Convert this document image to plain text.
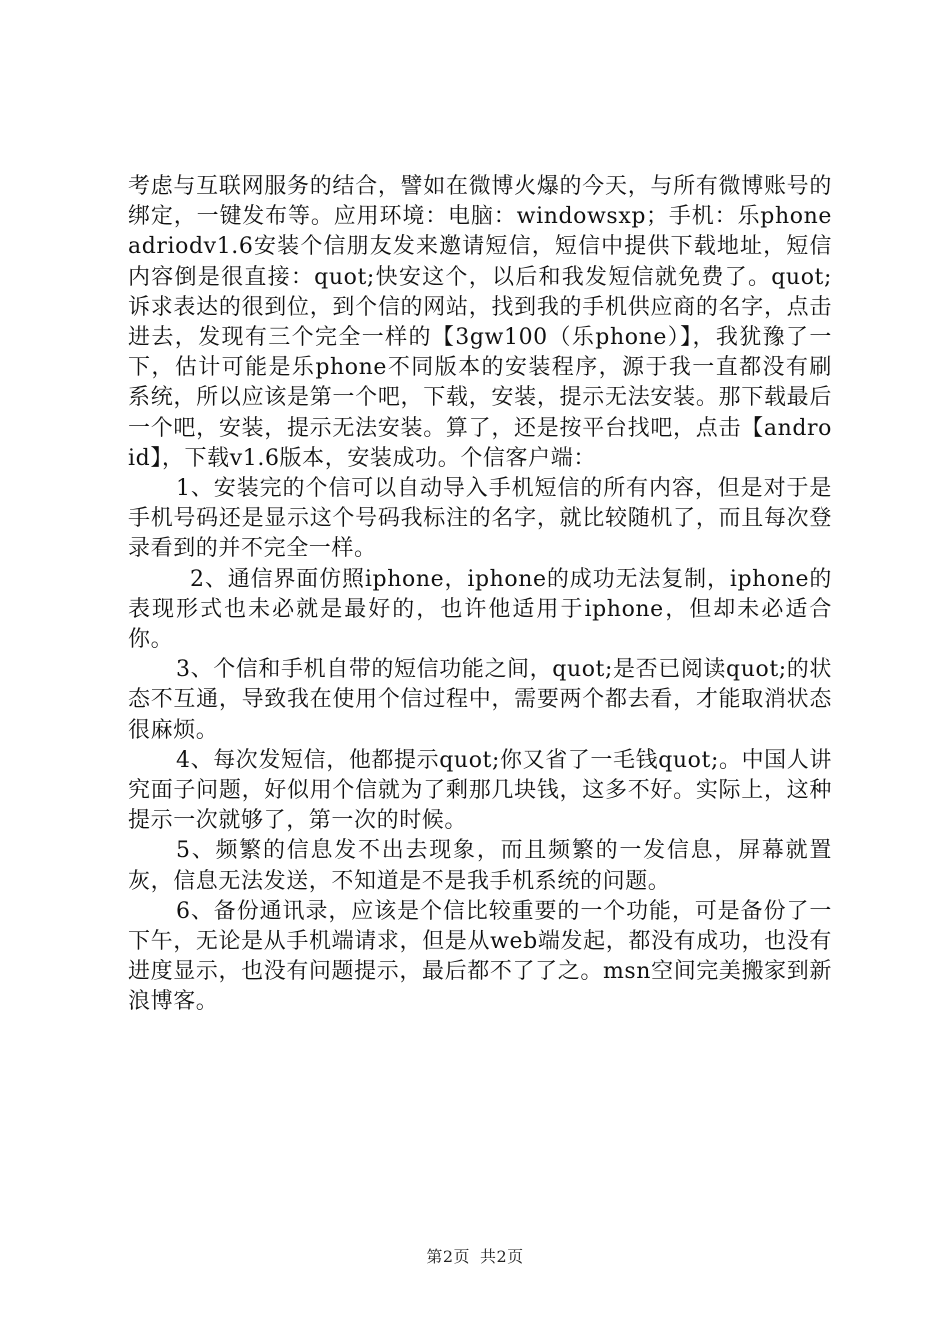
考虑与互联网服务的结合，譬如在微博火爆的今天，与所有微博账号的绑定，一键发布等。应用环境：电脑：windowsxp；手机：乐phoneadriodv1.6安装个信朋友发来邀请短信，短信中提供下载地址，短信内容倒是很直接：quot;快安这个，以后和我发短信就免费了。quot;诉求表达的很到位，到个信的网站，找到我的手机供应商的名字，点击进去，发现有三个完全一样的【3gw100（乐phone）】，我犹豫了一下，估计可能是乐phone不同版本的安装程序，源于我一直都没有刷系统，所以应该是第一个吧，下载，安装，提示无法安装。那下载最后一个吧，安装，提示无法安装。算了，还是按平台找吧，点击【android】，下载v1.6版本，安装成功。个信客户端：

1、安装完的个信可以自动导入手机短信的所有内容，但是对于是手机号码还是显示这个号码我标注的名字，就比较随机了，而且每次登录看到的并不完全一样。

2、通信界面仿照iphone，iphone的成功无法复制，iphone的表现形式也未必就是最好的，也许他适用于iphone，但却未必适合你。

3、个信和手机自带的短信功能之间，quot;是否已阅读quot;的状态不互通，导致我在使用个信过程中，需要两个都去看，才能取消状态很麻烦。

4、每次发短信，他都提示quot;你又省了一毛钱quot;。中国人讲究面子问题，好似用个信就为了剩那几块钱，这多不好。实际上，这种提示一次就够了，第一次的时候。

5、频繁的信息发不出去现象，而且频繁的一发信息，屏幕就置灰，信息无法发送，不知道是不是我手机系统的问题。

6、备份通讯录，应该是个信比较重要的一个功能，可是备份了一下午，无论是从手机端请求，但是从web端发起，都没有成功，也没有进度显示，也没有问题提示，最后都不了了之。msn空间完美搬家到新浪博客。

第2页 共2页
